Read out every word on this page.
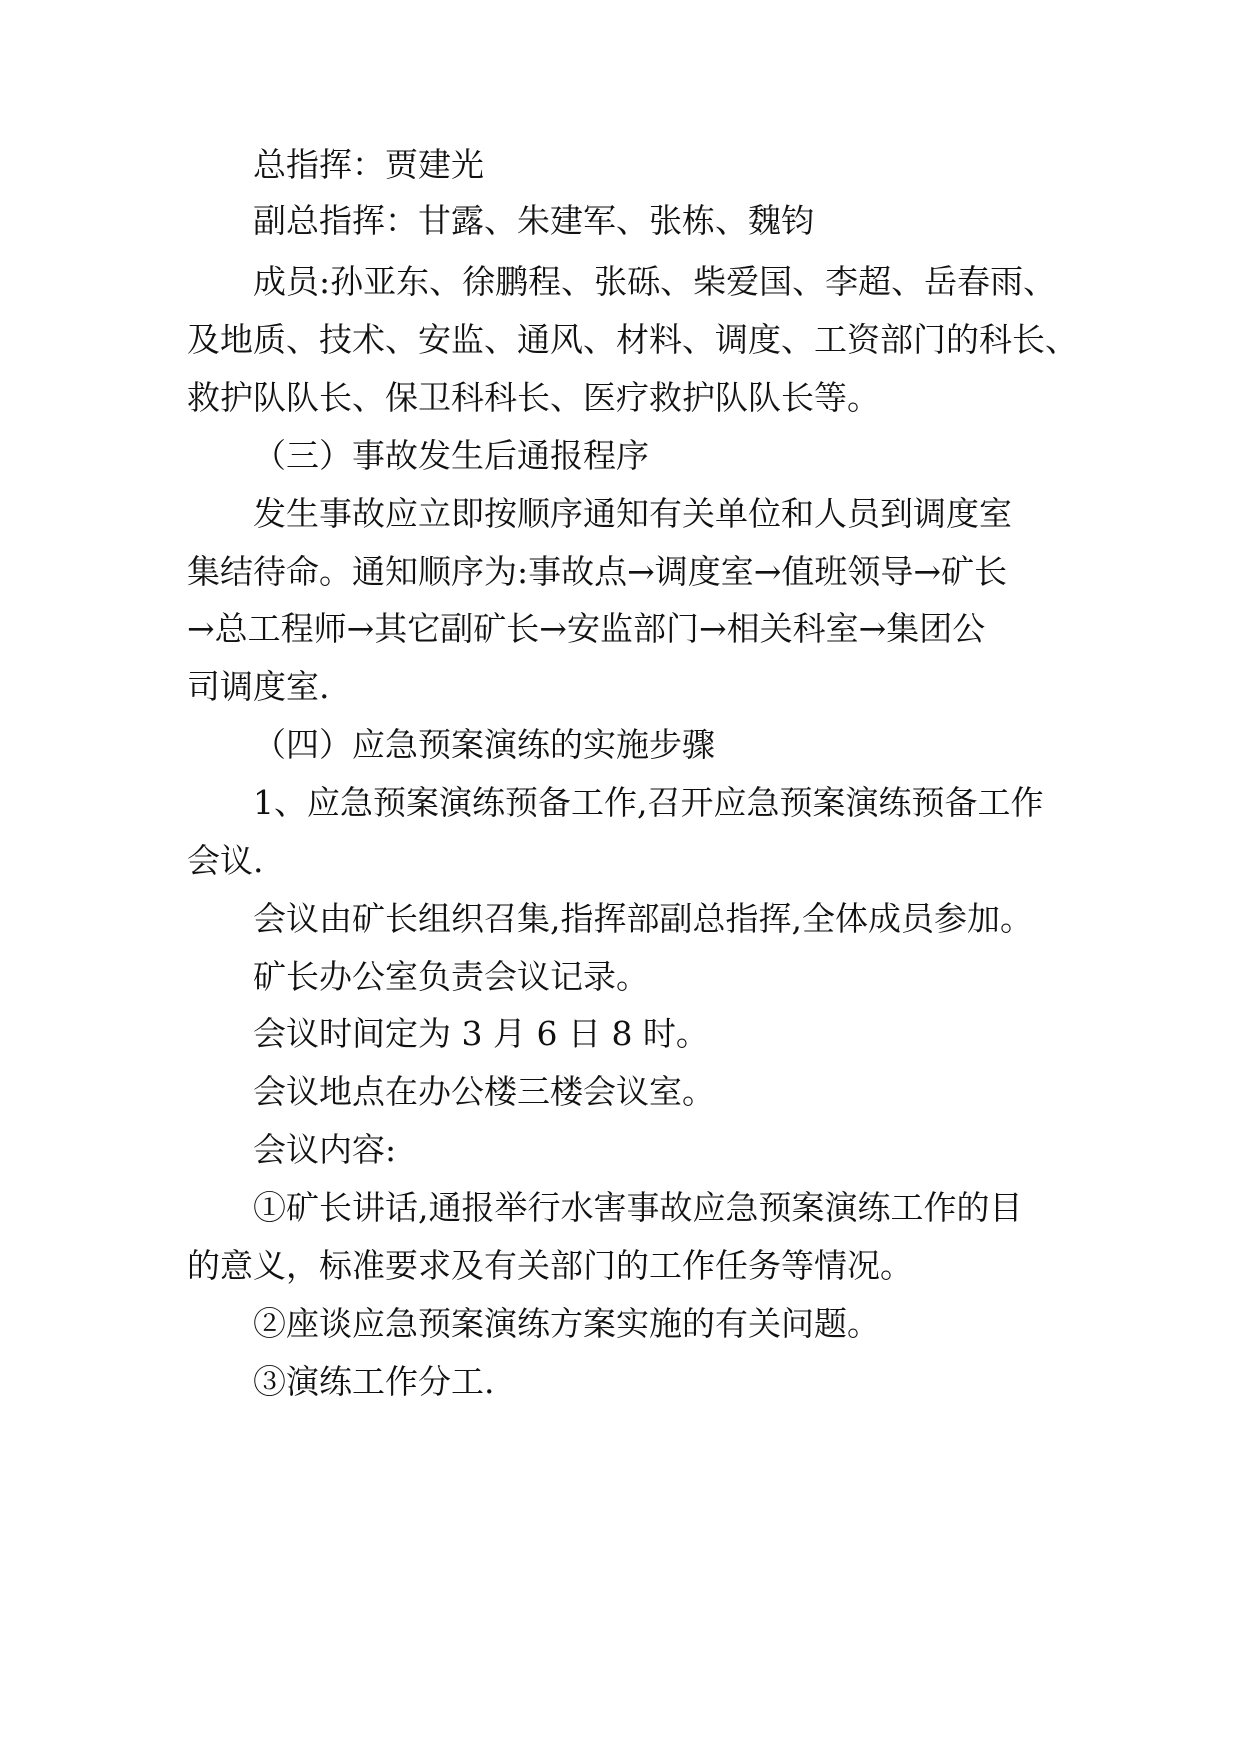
总指挥：贾建光
副总指挥：甘露、朱建军、张栋、魏钧
成员:孙亚东、徐鹏程、张砾、柴爱国、李超、岳春雨、
及地质、技术、安监、通风、材料、调度、工资部门的科长、
救护队队长、保卫科科长、医疗救护队队长等。
（三）事故发生后通报程序
发生事故应立即按顺序通知有关单位和人员到调度室
集结待命。通知顺序为:事故点→调度室→值班领导→矿长
→总工程师→其它副矿长→安监部门→相关科室→集团公
司调度室.
（四）应急预案演练的实施步骤
1、应急预案演练预备工作,召开应急预案演练预备工作
会议.
会议由矿长组织召集,指挥部副总指挥,全体成员参加。
矿长办公室负责会议记录。
会议时间定为 3 月 6 日 8 时。
会议地点在办公楼三楼会议室。
会议内容:
①矿长讲话,通报举行水害事故应急预案演练工作的目
的意义，标准要求及有关部门的工作任务等情况。
②座谈应急预案演练方案实施的有关问题。
③演练工作分工.
